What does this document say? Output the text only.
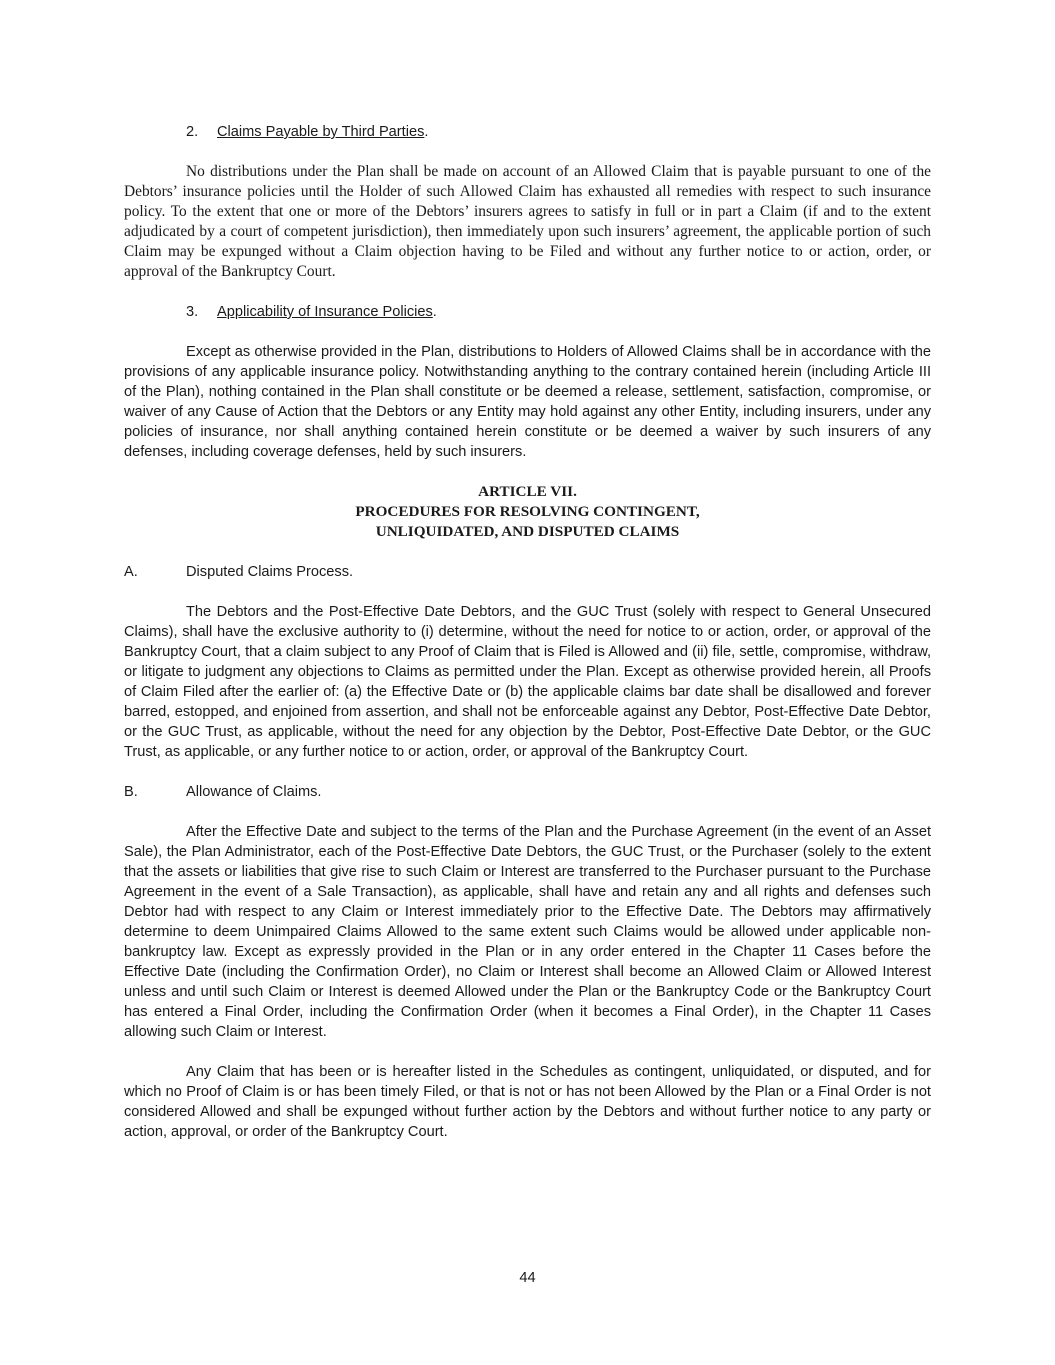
2. Claims Payable by Third Parties.

No distributions under the Plan shall be made on account of an Allowed Claim that is payable pursuant to one of the Debtors’ insurance policies until the Holder of such Allowed Claim has exhausted all remedies with respect to such insurance policy. To the extent that one or more of the Debtors’ insurers agrees to satisfy in full or in part a Claim (if and to the extent adjudicated by a court of competent jurisdiction), then immediately upon such insurers’ agreement, the applicable portion of such Claim may be expunged without a Claim objection having to be Filed and without any further notice to or action, order, or approval of the Bankruptcy Court.

3. Applicability of Insurance Policies.

Except as otherwise provided in the Plan, distributions to Holders of Allowed Claims shall be in accordance with the provisions of any applicable insurance policy. Notwithstanding anything to the contrary contained herein (including Article III of the Plan), nothing contained in the Plan shall constitute or be deemed a release, settlement, satisfaction, compromise, or waiver of any Cause of Action that the Debtors or any Entity may hold against any other Entity, including insurers, under any policies of insurance, nor shall anything contained herein constitute or be deemed a waiver by such insurers of any defenses, including coverage defenses, held by such insurers.

ARTICLE VII.
PROCEDURES FOR RESOLVING CONTINGENT,
UNLIQUIDATED, AND DISPUTED CLAIMS
A.	Disputed Claims Process.

The Debtors and the Post-Effective Date Debtors, and the GUC Trust (solely with respect to General Unsecured Claims), shall have the exclusive authority to (i) determine, without the need for notice to or action, order, or approval of the Bankruptcy Court, that a claim subject to any Proof of Claim that is Filed is Allowed and (ii) file, settle, compromise, withdraw, or litigate to judgment any objections to Claims as permitted under the Plan. Except as otherwise provided herein, all Proofs of Claim Filed after the earlier of: (a) the Effective Date or (b) the applicable claims bar date shall be disallowed and forever barred, estopped, and enjoined from assertion, and shall not be enforceable against any Debtor, Post-Effective Date Debtor, or the GUC Trust, as applicable, without the need for any objection by the Debtor, Post-Effective Date Debtor, or the GUC Trust, as applicable, or any further notice to or action, order, or approval of the Bankruptcy Court.

B.	Allowance of Claims.

After the Effective Date and subject to the terms of the Plan and the Purchase Agreement (in the event of an Asset Sale), the Plan Administrator, each of the Post-Effective Date Debtors, the GUC Trust, or the Purchaser (solely to the extent that the assets or liabilities that give rise to such Claim or Interest are transferred to the Purchaser pursuant to the Purchase Agreement in the event of a Sale Transaction), as applicable, shall have and retain any and all rights and defenses such Debtor had with respect to any Claim or Interest immediately prior to the Effective Date. The Debtors may affirmatively determine to deem Unimpaired Claims Allowed to the same extent such Claims would be allowed under applicable non-bankruptcy law. Except as expressly provided in the Plan or in any order entered in the Chapter 11 Cases before the Effective Date (including the Confirmation Order), no Claim or Interest shall become an Allowed Claim or Allowed Interest unless and until such Claim or Interest is deemed Allowed under the Plan or the Bankruptcy Code or the Bankruptcy Court has entered a Final Order, including the Confirmation Order (when it becomes a Final Order), in the Chapter 11 Cases allowing such Claim or Interest.

Any Claim that has been or is hereafter listed in the Schedules as contingent, unliquidated, or disputed, and for which no Proof of Claim is or has been timely Filed, or that is not or has not been Allowed by the Plan or a Final Order is not considered Allowed and shall be expunged without further action by the Debtors and without further notice to any party or action, approval, or order of the Bankruptcy Court.

44
